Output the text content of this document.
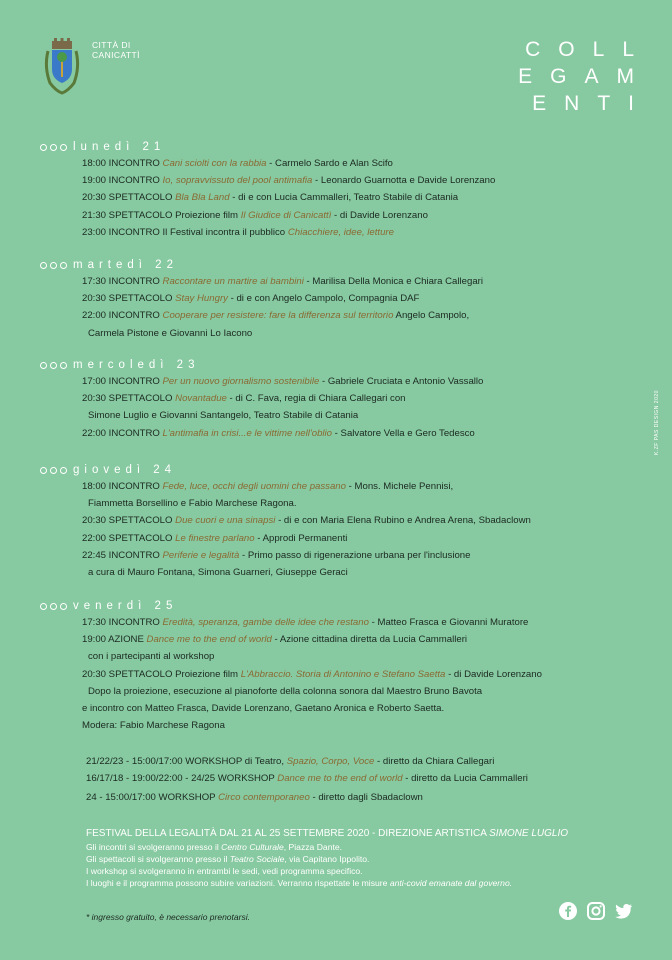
CITTÀ DI
CANICATTÌ	COLL
EGAM
ENTI
K.ZF PAS DESIGN 2020
lunedì 21
18:00 INCONTRO Cani sciolti con la rabbia - Carmelo Sardo e Alan Scifo
19:00 INCONTRO Io, sopravvissuto del pool antimafia - Leonardo Guarnotta e Davide Lorenzano
20:30 SPETTACOLO Bla Bla Land - di e con Lucia Cammalleri, Teatro Stabile di Catania
21:30 SPETTACOLO Proiezione film Il Giudice di Canicattì - di Davide Lorenzano
23:00 INCONTRO Il Festival incontra il pubblico Chiacchiere, idee, letture
martedì 22
17:30 INCONTRO Raccontare un martire ai bambini - Marilisa Della Monica e Chiara Callegari
20:30 SPETTACOLO Stay Hungry - di e con Angelo Campolo, Compagnia DAF
22:00 INCONTRO Cooperare per resistere: fare la differenza sul territorio Angelo Campolo,
Carmela Pistone e Giovanni Lo Iacono
mercoledì 23
17:00 INCONTRO Per un nuovo giornalismo sostenibile - Gabriele Cruciata e Antonio Vassallo
20:30 SPETTACOLO Novantadue - di C. Fava, regia di Chiara Callegari con
Simone Luglio e Giovanni Santangelo, Teatro Stabile di Catania
22:00 INCONTRO L'antimafia in crisi...e le vittime nell'oblio - Salvatore Vella e Gero Tedesco
giovedì 24
18:00 INCONTRO Fede, luce, occhi degli uomini che passano - Mons. Michele Pennisi,
Fiammetta Borsellino e Fabio Marchese Ragona.
20:30 SPETTACOLO Due cuori e una sinapsi - di e con Maria Elena Rubino e Andrea Arena, Sbadaclown
22:00 SPETTACOLO Le finestre parlano - Approdi Permanenti
22:45 INCONTRO Periferie e legalità - Primo passo di rigenerazione urbana per l'inclusione
a cura di Mauro Fontana, Simona Guarneri, Giuseppe Geraci
venerdì 25
17:30 INCONTRO Eredità, speranza, gambe delle idee che restano - Matteo Frasca e Giovanni Muratore
19:00 AZIONE Dance me to the end of world - Azione cittadina diretta da Lucia Cammalleri
con i partecipanti al workshop
20:30 SPETTACOLO Proiezione film L'Abbraccio. Storia di Antonino e Stefano Saetta - di Davide Lorenzano
Dopo la proiezione, esecuzione al pianoforte della colonna sonora dal Maestro Bruno Bavota
e incontro con Matteo Frasca, Davide Lorenzano, Gaetano Aronica e Roberto Saetta.
Modera: Fabio Marchese Ragona
21/22/23 - 15:00/17:00 WORKSHOP di Teatro, Spazio, Corpo, Voce - diretto da Chiara Callegari
16/17/18 - 19:00/22:00 - 24/25 WORKSHOP Dance me to the end of world - diretto da Lucia Cammalleri
24 - 15:00/17:00 WORKSHOP Circo contemporaneo - diretto dagli Sbadaclown
FESTIVAL DELLA LEGALITÀ DAL 21 AL 25 SETTEMBRE 2020 - DIREZIONE ARTISTICA SIMONE LUGLIO
Gli incontri si svolgeranno presso il Centro Culturale, Piazza Dante.
Gli spettacoli si svolgeranno presso il Teatro Sociale, via Capitano Ippolito.
I workshop si svolgeranno in entrambi le sedi, vedi programma specifico.
I luoghi e il programma possono subire variazioni. Verranno rispettate le misure anti-covid emanate dal governo.
* ingresso gratuito, è necessario prenotarsi.
